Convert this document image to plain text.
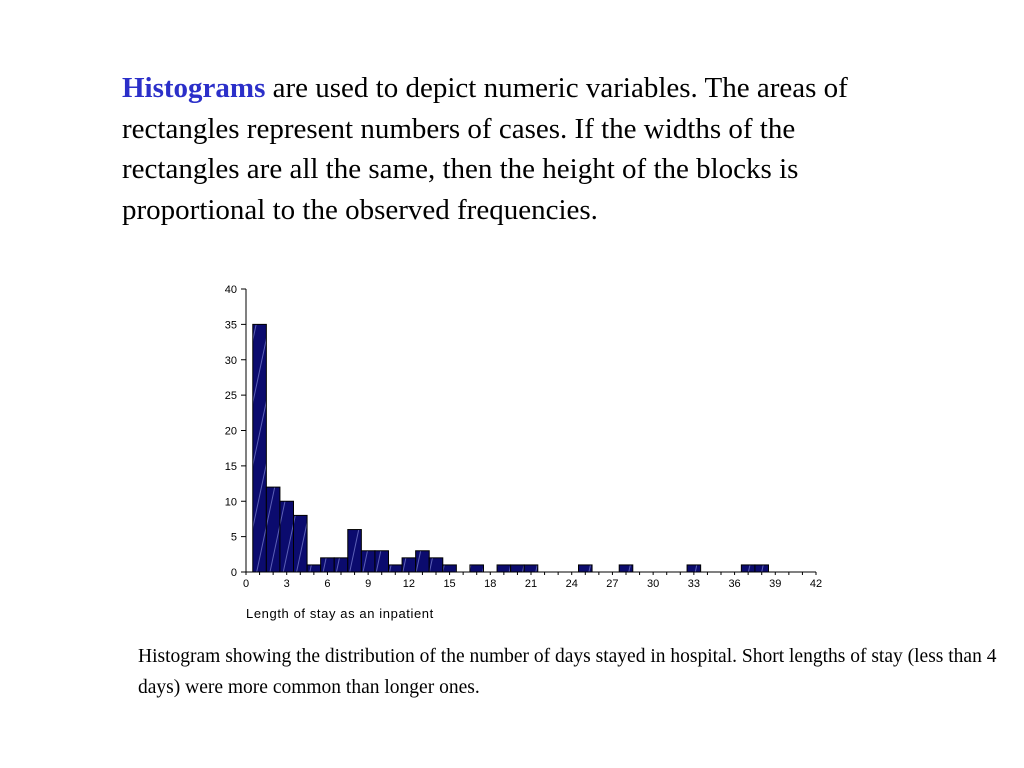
Histograms are used to depict numeric variables. The areas of rectangles represent numbers of cases. If the widths of the rectangles are all the same, then the height of the blocks is proportional to the observed frequencies.
0
5
10
15
20
25
30
35
40
0	3	6	9	12	15	18	21	24	27	30	33	36	39	42
Length of stay as an inpatient
Histogram showing the distribution of the number of days stayed in hospital. Short lengths of stay (less than 4 days) were more common than longer ones.
